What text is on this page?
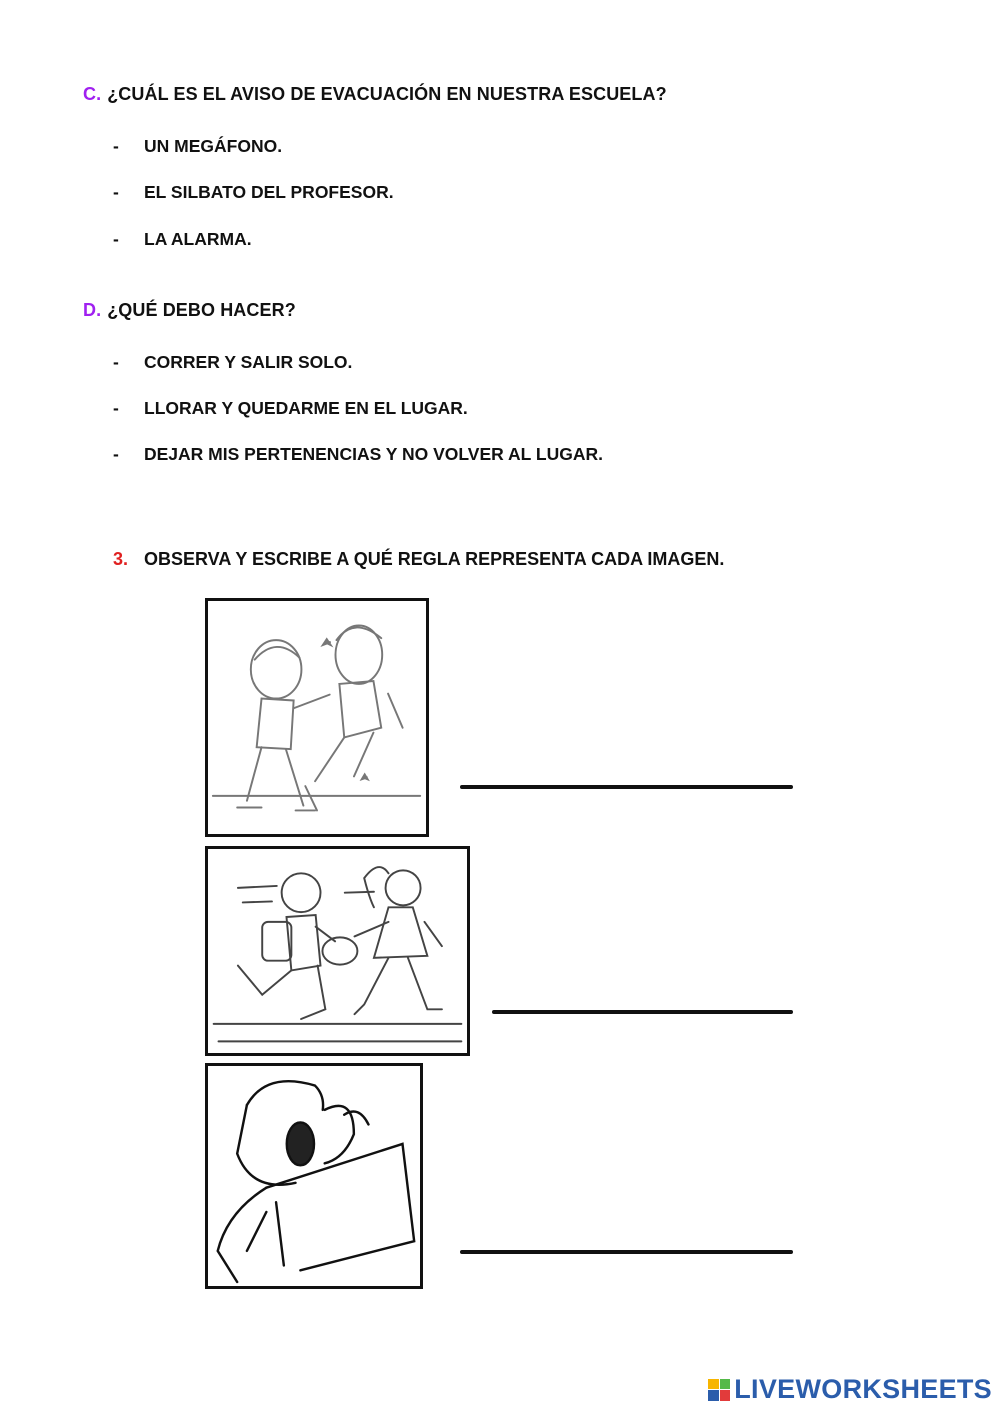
C. ¿CUÁL ES EL AVISO DE EVACUACIÓN EN NUESTRA ESCUELA?
- UN MEGÁFONO.
- EL SILBATO DEL PROFESOR.
- LA ALARMA.
D. ¿QUÉ DEBO HACER?
- CORRER Y SALIR SOLO.
- LLORAR Y QUEDARME EN EL LUGAR.
- DEJAR MIS PERTENENCIAS Y NO VOLVER AL LUGAR.
3. OBSERVA Y ESCRIBE A QUÉ REGLA REPRESENTA CADA IMAGEN.
LIVEWORKSHEETS
